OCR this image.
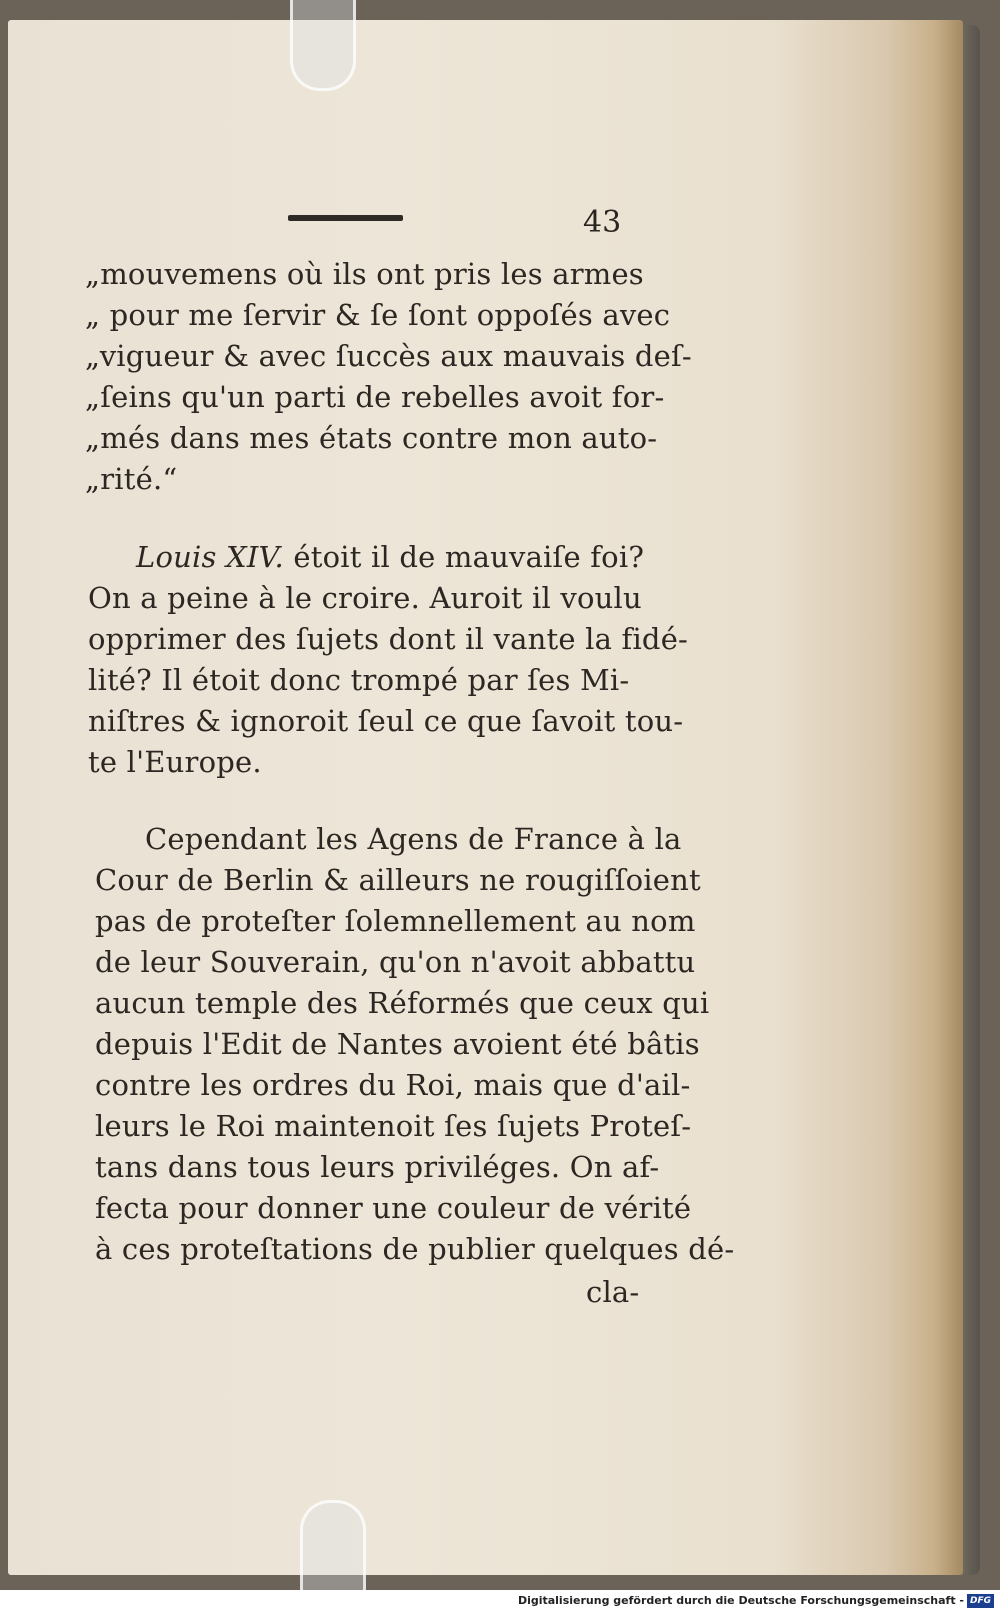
43
„mouvemens où ils ont pris les armes
„ pour me ſervir & ſe ſont oppoſés avec
„vigueur & avec ſuccès aux mauvais deſ-
„ſeins qu'un parti de rebelles avoit for-
„més dans mes états contre mon auto-
„rité.“
Louis XIV. étoit il de mauvaiſe foi?
On a peine à le croire. Auroit il voulu
opprimer des ſujets dont il vante la fidé-
lité? Il étoit donc trompé par ſes Mi-
niſtres & ignoroit ſeul ce que ſavoit tou-
te l'Europe.
Cependant les Agens de France à la
Cour de Berlin & ailleurs ne rougiſſoient
pas de proteſter ſolemnellement au nom
de leur Souverain, qu'on n'avoit abbattu
aucun temple des Réformés que ceux qui
depuis l'Edit de Nantes avoient été bâtis
contre les ordres du Roi, mais que d'ail-
leurs le Roi maintenoit ſes ſujets Proteſ-
tans dans tous leurs priviléges. On af-
fecta pour donner une couleur de vérité
à ces proteſtations de publier quelques dé-
cla-
Digitalisierung gefördert durch die Deutsche Forschungsgemeinschaft - DFG
